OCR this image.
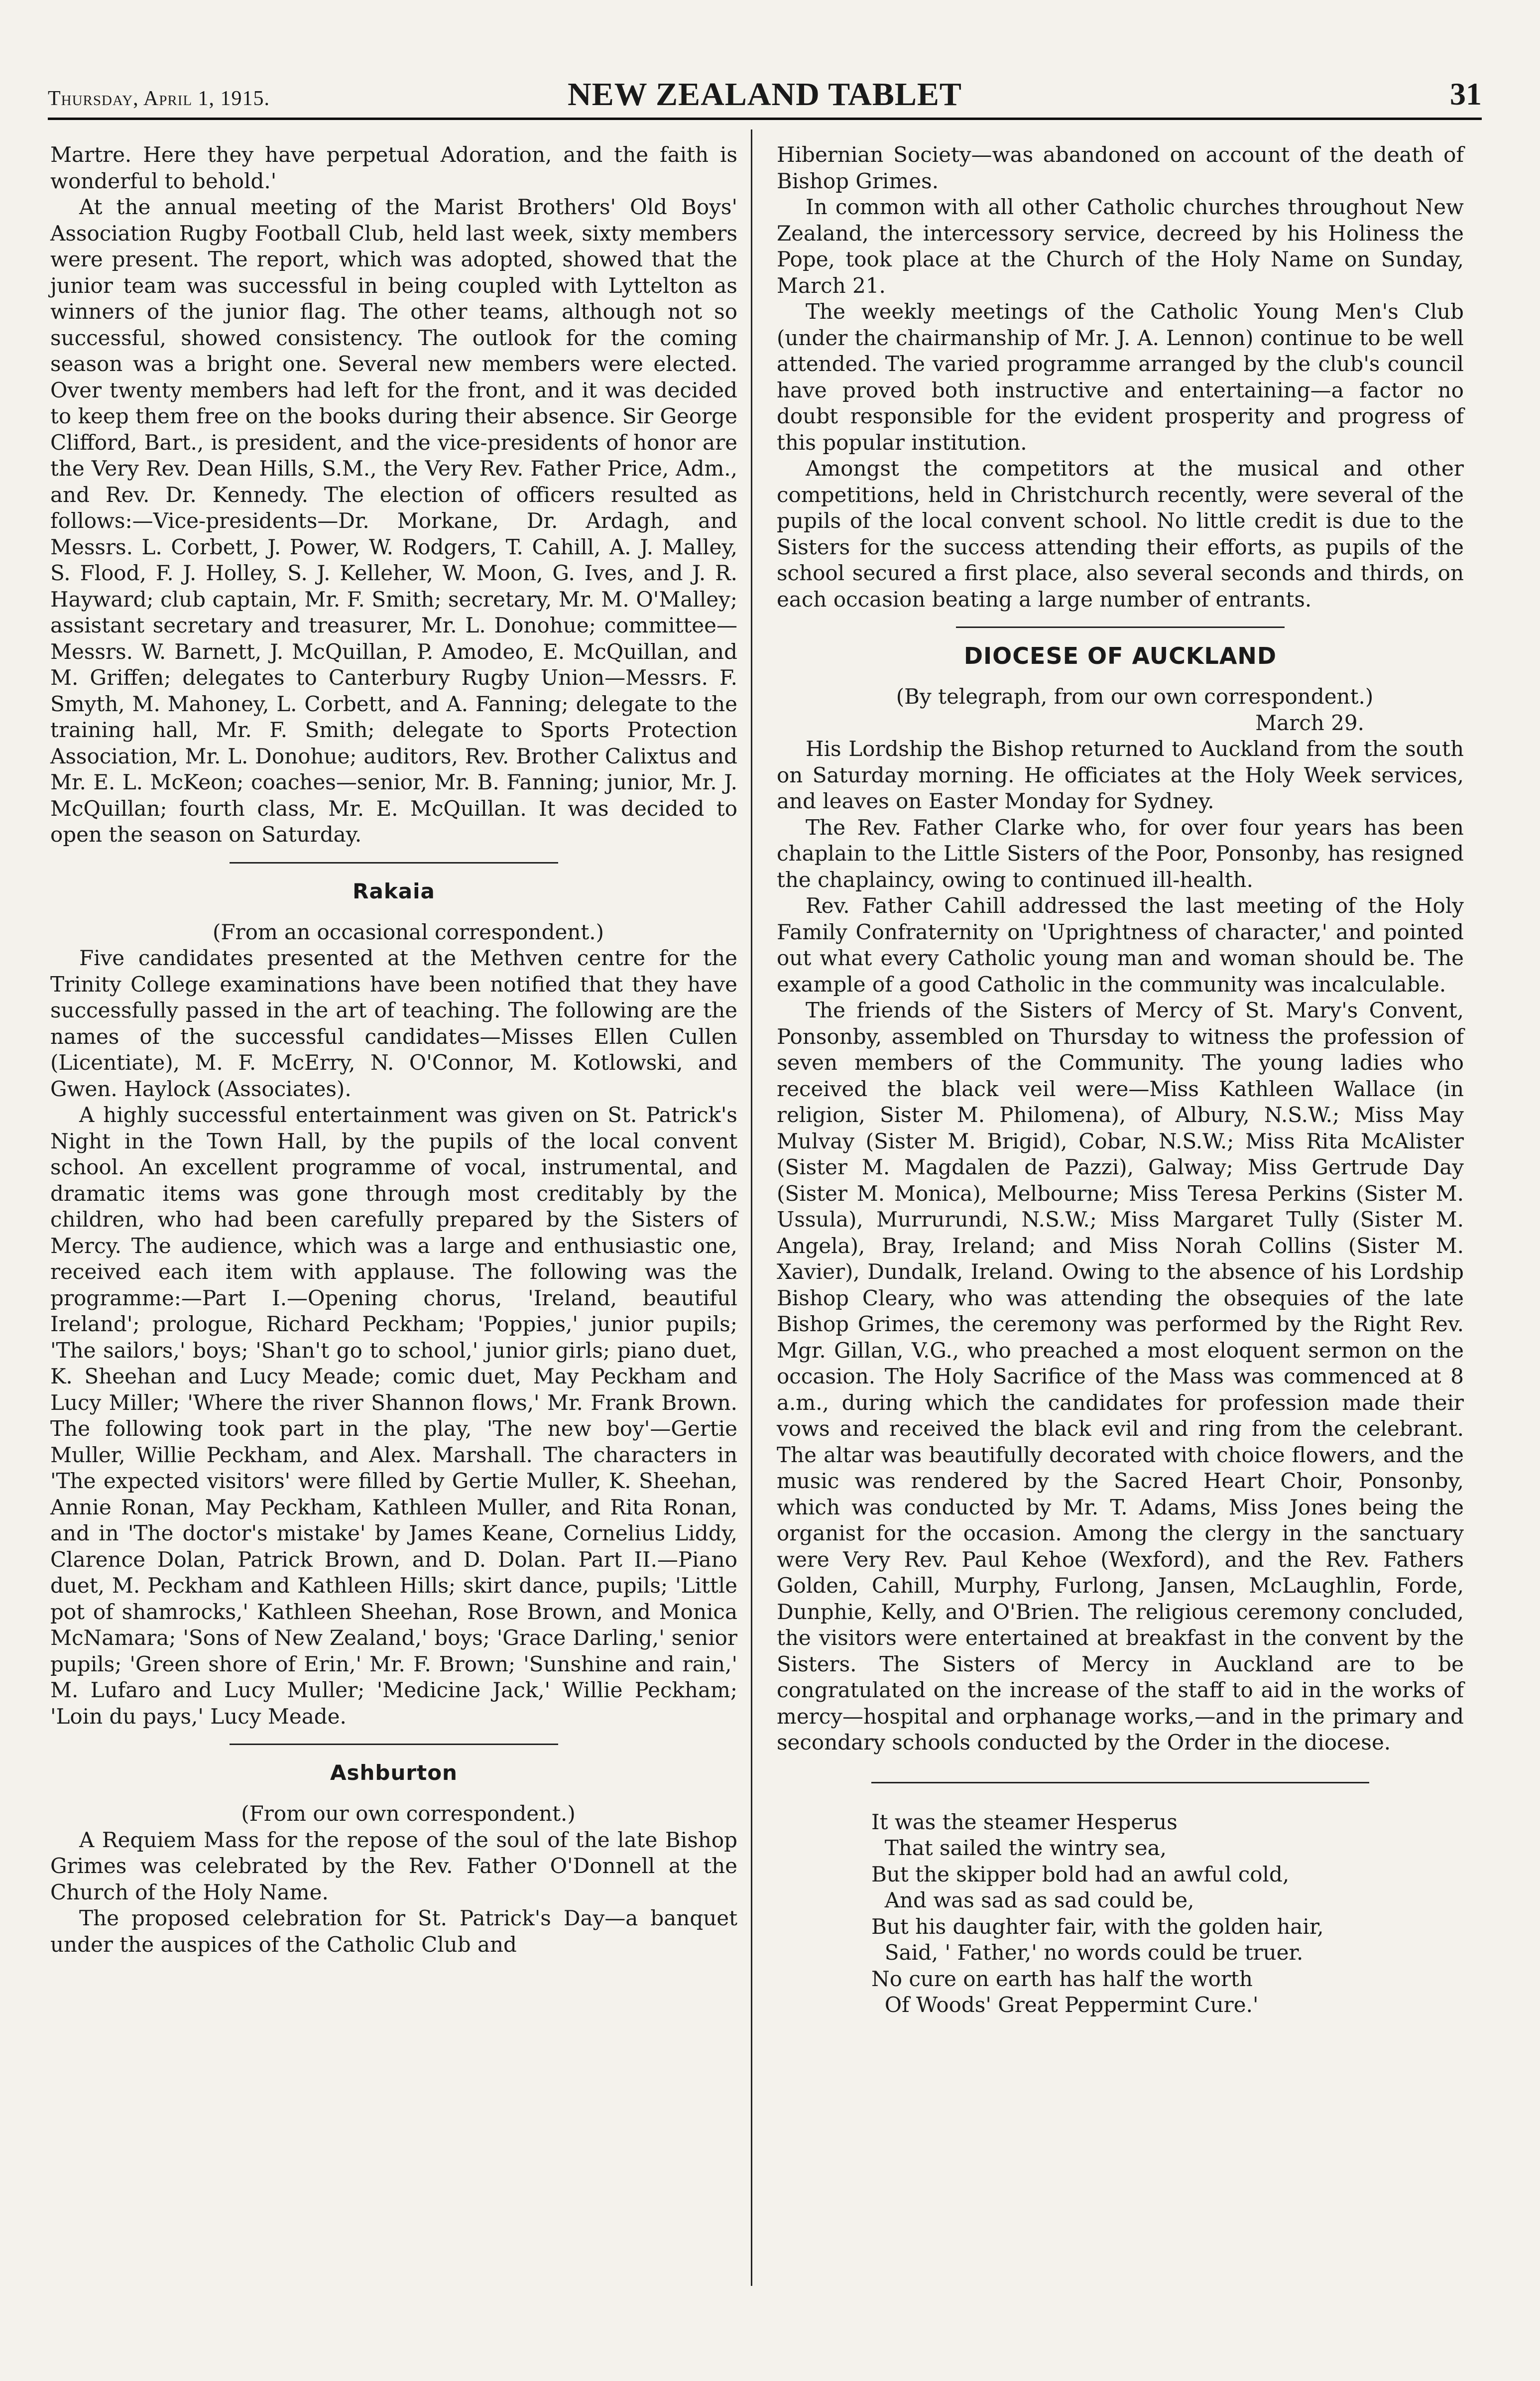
Thursday, April 1, 1915.	NEW ZEALAND TABLET	31

Martre. Here they have perpetual Adoration, and the faith is wonderful to behold.'

At the annual meeting of the Marist Brothers' Old Boys' Association Rugby Football Club, held last week, sixty members were present. The report, which was adopted, showed that the junior team was successful in being coupled with Lyttelton as winners of the junior flag. The other teams, although not so successful, showed consistency. The outlook for the coming season was a bright one. Several new members were elected. Over twenty members had left for the front, and it was decided to keep them free on the books during their absence. Sir George Clifford, Bart., is president, and the vice-presidents of honor are the Very Rev. Dean Hills, S.M., the Very Rev. Father Price, Adm., and Rev. Dr. Kennedy. The election of officers resulted as follows:—Vice-presidents—Dr. Morkane, Dr. Ardagh, and Messrs. L. Corbett, J. Power, W. Rodgers, T. Cahill, A. J. Malley, S. Flood, F. J. Holley, S. J. Kelleher, W. Moon, G. Ives, and J. R. Hayward; club captain, Mr. F. Smith; secretary, Mr. M. O'Malley; assistant secretary and treasurer, Mr. L. Donohue; committee—Messrs. W. Barnett, J. McQuillan, P. Amodeo, E. McQuillan, and M. Griffen; delegates to Canterbury Rugby Union—Messrs. F. Smyth, M. Mahoney, L. Corbett, and A. Fanning; delegate to the training hall, Mr. F. Smith; delegate to Sports Protection Association, Mr. L. Donohue; auditors, Rev. Brother Calixtus and Mr. E. L. McKeon; coaches—senior, Mr. B. Fanning; junior, Mr. J. McQuillan; fourth class, Mr. E. McQuillan. It was decided to open the season on Saturday.

Rakaia

(From an occasional correspondent.)

Five candidates presented at the Methven centre for the Trinity College examinations have been notified that they have successfully passed in the art of teaching. The following are the names of the successful candidates—Misses Ellen Cullen (Licentiate), M. F. McErry, N. O'Connor, M. Kotlowski, and Gwen. Haylock (Associates).

A highly successful entertainment was given on St. Patrick's Night in the Town Hall, by the pupils of the local convent school. An excellent programme of vocal, instrumental, and dramatic items was gone through most creditably by the children, who had been carefully prepared by the Sisters of Mercy. The audience, which was a large and enthusiastic one, received each item with applause. The following was the programme:—Part I.—Opening chorus, 'Ireland, beautiful Ireland'; prologue, Richard Peckham; 'Poppies,' junior pupils; 'The sailors,' boys; 'Shan't go to school,' junior girls; piano duet, K. Sheehan and Lucy Meade; comic duet, May Peckham and Lucy Miller; 'Where the river Shannon flows,' Mr. Frank Brown. The following took part in the play, 'The new boy'—Gertie Muller, Willie Peckham, and Alex. Marshall. The characters in 'The expected visitors' were filled by Gertie Muller, K. Sheehan, Annie Ronan, May Peckham, Kathleen Muller, and Rita Ronan, and in 'The doctor's mistake' by James Keane, Cornelius Liddy, Clarence Dolan, Patrick Brown, and D. Dolan. Part II.—Piano duet, M. Peckham and Kathleen Hills; skirt dance, pupils; 'Little pot of shamrocks,' Kathleen Sheehan, Rose Brown, and Monica McNamara; 'Sons of New Zealand,' boys; 'Grace Darling,' senior pupils; 'Green shore of Erin,' Mr. F. Brown; 'Sunshine and rain,' M. Lufaro and Lucy Muller; 'Medicine Jack,' Willie Peckham; 'Loin du pays,' Lucy Meade.

Ashburton

(From our own correspondent.)

A Requiem Mass for the repose of the soul of the late Bishop Grimes was celebrated by the Rev. Father O'Donnell at the Church of the Holy Name.

The proposed celebration for St. Patrick's Day—a banquet under the auspices of the Catholic Club and

Hibernian Society—was abandoned on account of the death of Bishop Grimes.

In common with all other Catholic churches throughout New Zealand, the intercessory service, decreed by his Holiness the Pope, took place at the Church of the Holy Name on Sunday, March 21.

The weekly meetings of the Catholic Young Men's Club (under the chairmanship of Mr. J. A. Lennon) continue to be well attended. The varied programme arranged by the club's council have proved both instructive and entertaining—a factor no doubt responsible for the evident prosperity and progress of this popular institution.

Amongst the competitors at the musical and other competitions, held in Christchurch recently, were several of the pupils of the local convent school. No little credit is due to the Sisters for the success attending their efforts, as pupils of the school secured a first place, also several seconds and thirds, on each occasion beating a large number of entrants.

DIOCESE OF AUCKLAND

(By telegraph, from our own correspondent.)

March 29.

His Lordship the Bishop returned to Auckland from the south on Saturday morning. He officiates at the Holy Week services, and leaves on Easter Monday for Sydney.

The Rev. Father Clarke who, for over four years has been chaplain to the Little Sisters of the Poor, Ponsonby, has resigned the chaplaincy, owing to continued ill-health.

Rev. Father Cahill addressed the last meeting of the Holy Family Confraternity on 'Uprightness of character,' and pointed out what every Catholic young man and woman should be. The example of a good Catholic in the community was incalculable.

The friends of the Sisters of Mercy of St. Mary's Convent, Ponsonby, assembled on Thursday to witness the profession of seven members of the Community. The young ladies who received the black veil were—Miss Kathleen Wallace (in religion, Sister M. Philomena), of Albury, N.S.W.; Miss May Mulvay (Sister M. Brigid), Cobar, N.S.W.; Miss Rita McAlister (Sister M. Magdalen de Pazzi), Galway; Miss Gertrude Day (Sister M. Monica), Melbourne; Miss Teresa Perkins (Sister M. Ussula), Murrurundi, N.S.W.; Miss Margaret Tully (Sister M. Angela), Bray, Ireland; and Miss Norah Collins (Sister M. Xavier), Dundalk, Ireland. Owing to the absence of his Lordship Bishop Cleary, who was attending the obsequies of the late Bishop Grimes, the ceremony was performed by the Right Rev. Mgr. Gillan, V.G., who preached a most eloquent sermon on the occasion. The Holy Sacrifice of the Mass was commenced at 8 a.m., during which the candidates for profession made their vows and received the black evil and ring from the celebrant. The altar was beautifully decorated with choice flowers, and the music was rendered by the Sacred Heart Choir, Ponsonby, which was conducted by Mr. T. Adams, Miss Jones being the organist for the occasion. Among the clergy in the sanctuary were Very Rev. Paul Kehoe (Wexford), and the Rev. Fathers Golden, Cahill, Murphy, Furlong, Jansen, McLaughlin, Forde, Dunphie, Kelly, and O'Brien. The religious ceremony concluded, the visitors were entertained at breakfast in the convent by the Sisters. The Sisters of Mercy in Auckland are to be congratulated on the increase of the staff to aid in the works of mercy—hospital and orphanage works,—and in the primary and secondary schools conducted by the Order in the diocese.

It was the steamer Hesperus
That sailed the wintry sea,
But the skipper bold had an awful cold,
And was sad as sad could be,
But his daughter fair, with the golden hair,
Said, ' Father,' no words could be truer.
No cure on earth has half the worth
Of Woods' Great Peppermint Cure.'
